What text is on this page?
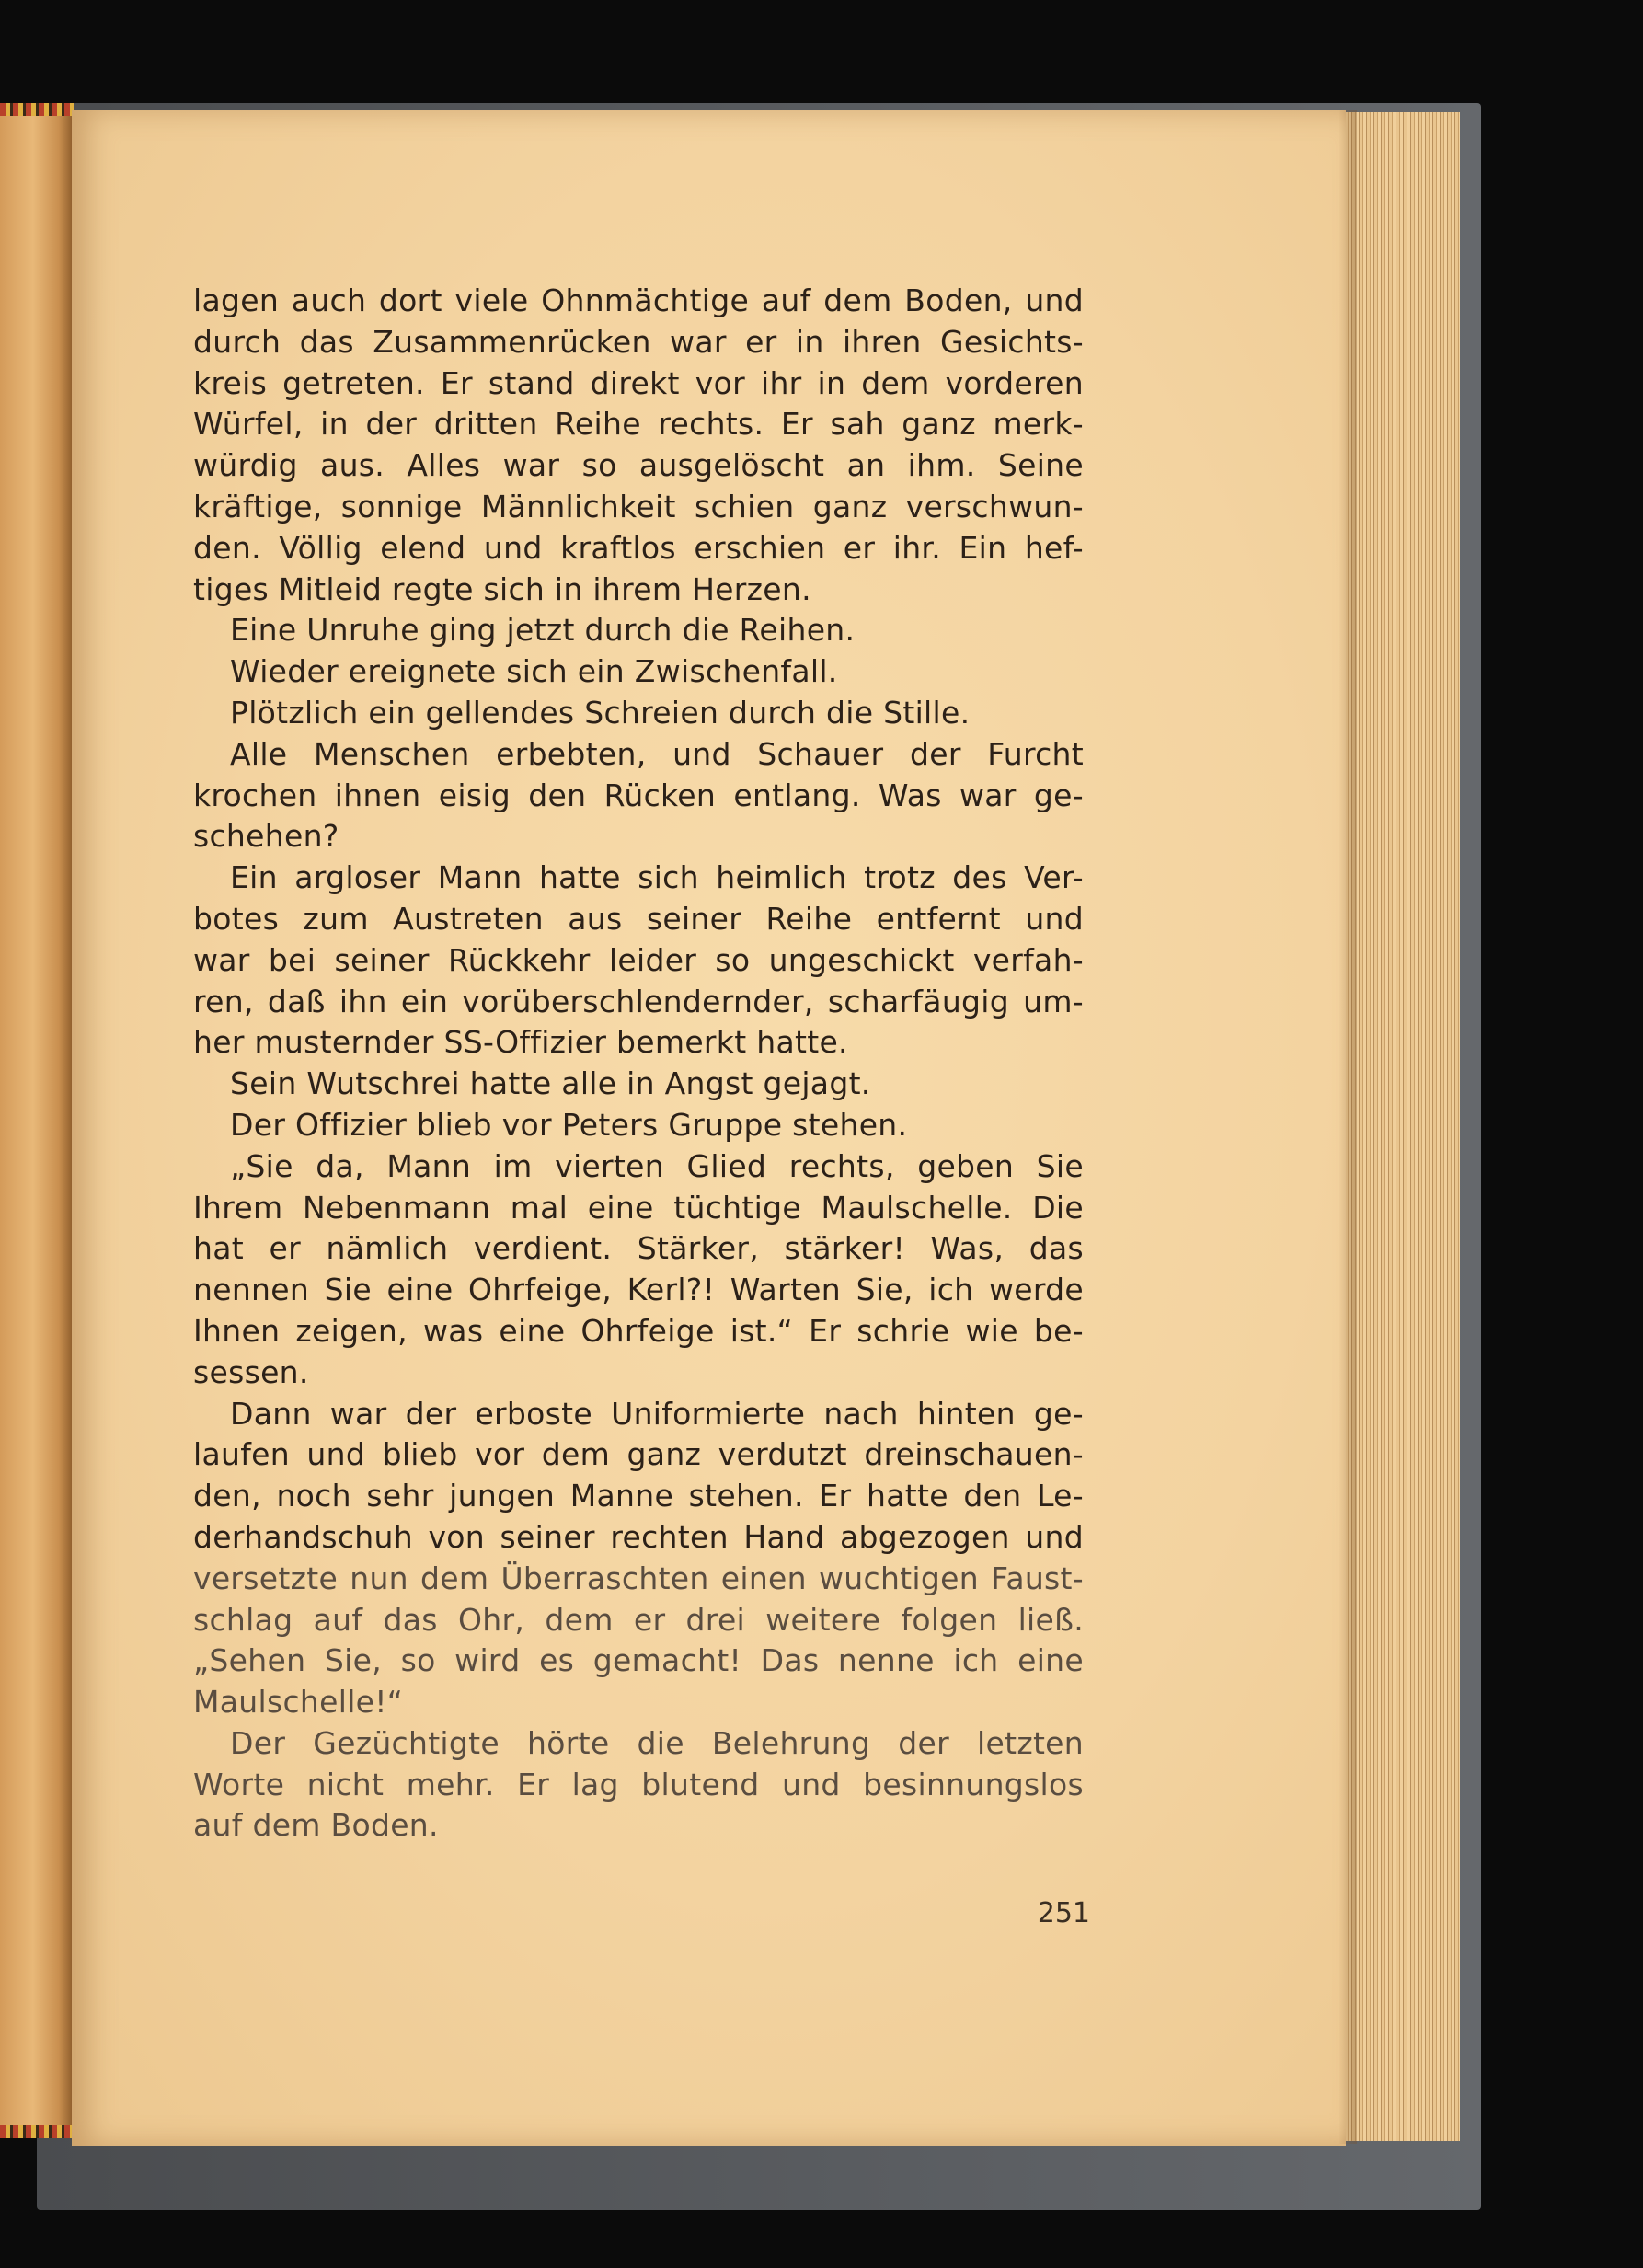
lagen auch dort viele Ohnmächtige auf dem Boden, und
durch das Zusammenrücken war er in ihren Gesichts-
kreis getreten. Er stand direkt vor ihr in dem vorderen
Würfel, in der dritten Reihe rechts. Er sah ganz merk-
würdig aus. Alles war so ausgelöscht an ihm. Seine
kräftige, sonnige Männlichkeit schien ganz verschwun-
den. Völlig elend und kraftlos erschien er ihr. Ein hef-
tiges Mitleid regte sich in ihrem Herzen.
Eine Unruhe ging jetzt durch die Reihen.
Wieder ereignete sich ein Zwischenfall.
Plötzlich ein gellendes Schreien durch die Stille.
Alle Menschen erbebten, und Schauer der Furcht
krochen ihnen eisig den Rücken entlang. Was war ge-
schehen?
Ein argloser Mann hatte sich heimlich trotz des Ver-
botes zum Austreten aus seiner Reihe entfernt und
war bei seiner Rückkehr leider so ungeschickt verfah-
ren, daß ihn ein vorüberschlendernder, scharfäugig um-
her musternder SS-Offizier bemerkt hatte.
Sein Wutschrei hatte alle in Angst gejagt.
Der Offizier blieb vor Peters Gruppe stehen.
„Sie da, Mann im vierten Glied rechts, geben Sie
Ihrem Nebenmann mal eine tüchtige Maulschelle. Die
hat er nämlich verdient. Stärker, stärker! Was, das
nennen Sie eine Ohrfeige, Kerl?! Warten Sie, ich werde
Ihnen zeigen, was eine Ohrfeige ist.“ Er schrie wie be-
sessen.
Dann war der erboste Uniformierte nach hinten ge-
laufen und blieb vor dem ganz verdutzt dreinschauen-
den, noch sehr jungen Manne stehen. Er hatte den Le-
derhandschuh von seiner rechten Hand abgezogen und
versetzte nun dem Überraschten einen wuchtigen Faust-
schlag auf das Ohr, dem er drei weitere folgen ließ.
„Sehen Sie, so wird es gemacht! Das nenne ich eine
Maulschelle!“
Der Gezüchtigte hörte die Belehrung der letzten
Worte nicht mehr. Er lag blutend und besinnungslos
auf dem Boden.
251
